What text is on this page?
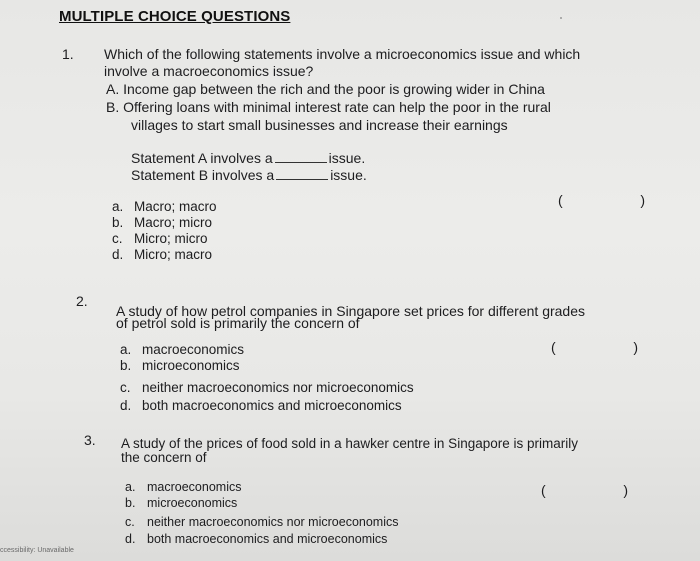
MULTIPLE CHOICE QUESTIONS
1. Which of the following statements involve a microeconomics issue and which
involve a macroeconomics issue?
A. Income gap between the rich and the poor is growing wider in China
B. Offering loans with minimal interest rate can help the poor in the rural
villages to start small businesses and increase their earnings
Statement A involves a	issue.
Statement B involves a	issue.
(   )
a. Macro; macro
b. Macro; micro
c. Micro; micro
d. Micro; macro
2.
A study of how petrol companies in Singapore set prices for different grades
of petrol sold is primarily the concern of
(   )
a. macroeconomics
b. microeconomics
c. neither macroeconomics nor microeconomics
d. both macroeconomics and microeconomics
3. A study of the prices of food sold in a hawker centre in Singapore is primarily
the concern of
(   )
a. macroeconomics
b. microeconomics
c. neither macroeconomics nor microeconomics
d. both macroeconomics and microeconomics
ccessibility: Unavailable
